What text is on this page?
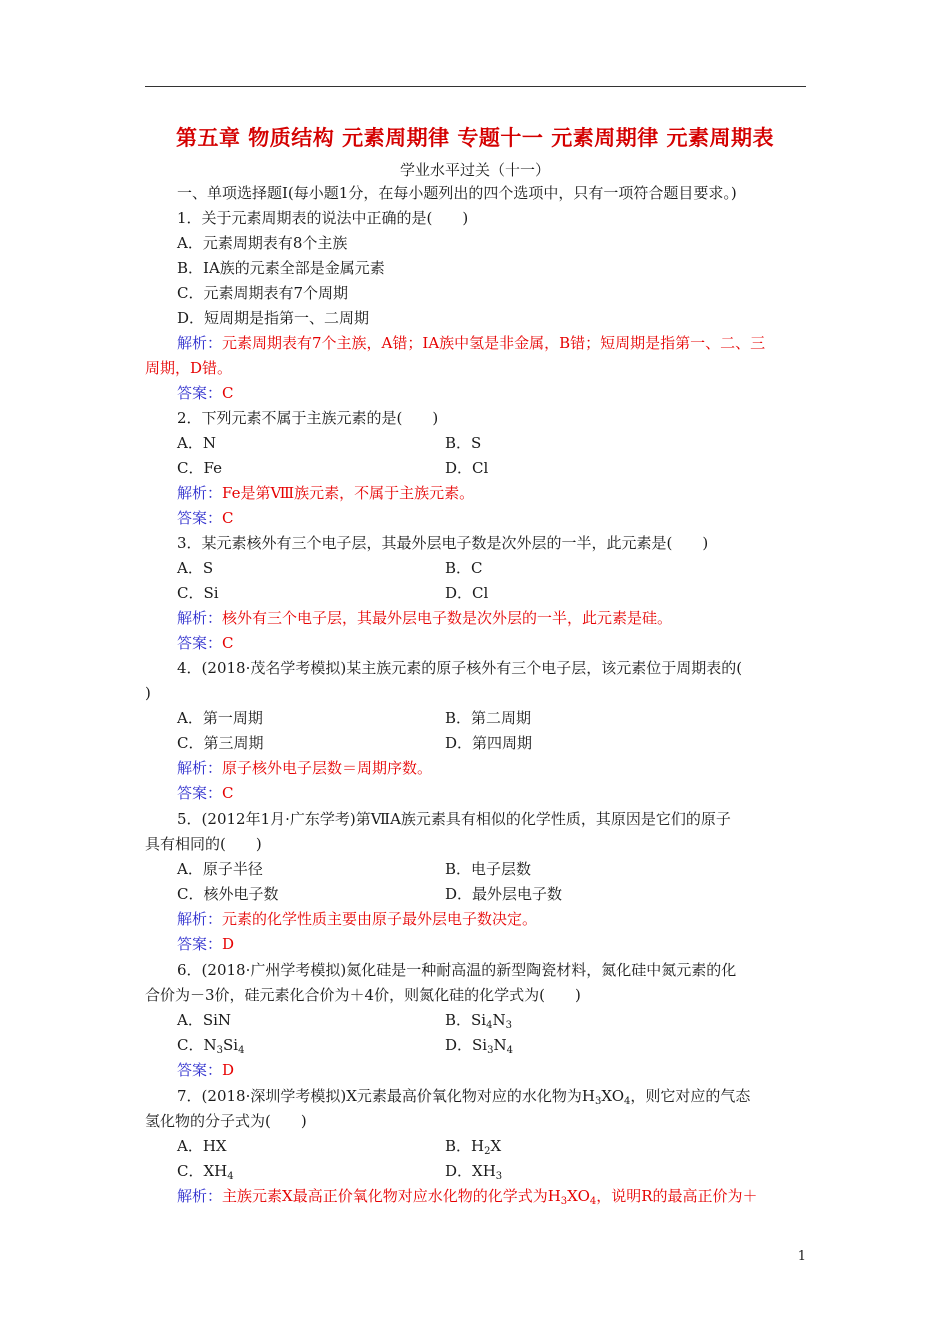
第五章 物质结构 元素周期律 专题十一 元素周期律 元素周期表
学业水平过关（十一）
一、单项选择题Ⅰ(每小题1分，在每小题列出的四个选项中，只有一项符合题目要求。)
1．关于元素周期表的说法中正确的是(　　)
A．元素周期表有8个主族
B．ⅠA族的元素全部是金属元素
C．元素周期表有7个周期
D．短周期是指第一、二周期
解析：元素周期表有7个主族，A错；ⅠA族中氢是非金属，B错；短周期是指第一、二、三
周期，D错。
答案：C
2．下列元素不属于主族元素的是(　　)
A．N	B．S
C．Fe	D．Cl
解析：Fe是第Ⅷ族元素，不属于主族元素。
答案：C
3．某元素核外有三个电子层，其最外层电子数是次外层的一半，此元素是(　　)
A．S	B．C
C．Si	D．Cl
解析：核外有三个电子层，其最外层电子数是次外层的一半，此元素是硅。
答案：C
4．(2018·茂名学考模拟)某主族元素的原子核外有三个电子层，该元素位于周期表的(
)
A．第一周期	B．第二周期
C．第三周期	D．第四周期
解析：原子核外电子层数＝周期序数。
答案：C
5．(2012年1月·广东学考)第ⅦA族元素具有相似的化学性质，其原因是它们的原子
具有相同的(　　)
A．原子半径	B．电子层数
C．核外电子数	D．最外层电子数
解析：元素的化学性质主要由原子最外层电子数决定。
答案：D
6．(2018·广州学考模拟)氮化硅是一种耐高温的新型陶瓷材料，氮化硅中氮元素的化
合价为－3价，硅元素化合价为＋4价，则氮化硅的化学式为(　　)
A．SiN	B．$Si_4N_3$
C．$N_3Si_4$	D．$Si_3N_4$
答案：D
7．(2018·深圳学考模拟)X元素最高价氧化物对应的水化物为$H_3XO_4$，则它对应的气态
氢化物的分子式为(　　)
A．HX	B．$H_2X$
C．$XH_4$	D．$XH_3$
解析：主族元素X最高正价氧化物对应水化物的化学式为$H_3XO_4$，说明R的最高正价为＋
1
